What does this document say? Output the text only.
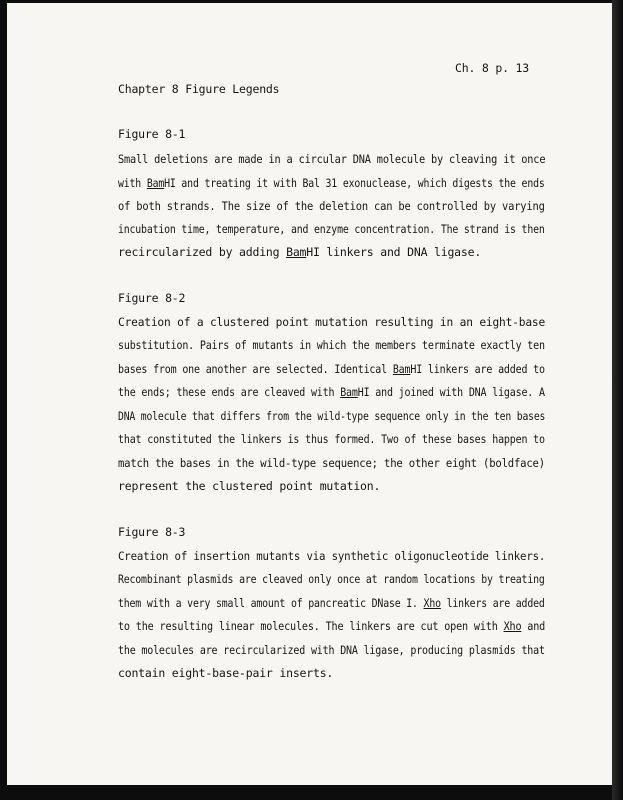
Ch. 8 p. 13
Chapter 8 Figure Legends
Figure 8-1
Small deletions are made in a circular DNA molecule by cleaving it once
with BamHI and treating it with Bal 31 exonuclease, which digests the ends
of both strands. The size of the deletion can be controlled by varying
incubation time, temperature, and enzyme concentration. The strand is then
recircularized by adding BamHI linkers and DNA ligase.
Figure 8-2
Creation of a clustered point mutation resulting in an eight-base
substitution. Pairs of mutants in which the members terminate exactly ten
bases from one another are selected. Identical BamHI linkers are added to
the ends; these ends are cleaved with BamHI and joined with DNA ligase. A
DNA molecule that differs from the wild-type sequence only in the ten bases
that constituted the linkers is thus formed. Two of these bases happen to
match the bases in the wild-type sequence; the other eight (boldface)
represent the clustered point mutation.
Figure 8-3
Creation of insertion mutants via synthetic oligonucleotide linkers.
Recombinant plasmids are cleaved only once at random locations by treating
them with a very small amount of pancreatic DNase I. Xho linkers are added
to the resulting linear molecules. The linkers are cut open with Xho and
the molecules are recircularized with DNA ligase, producing plasmids that
contain eight-base-pair inserts.
